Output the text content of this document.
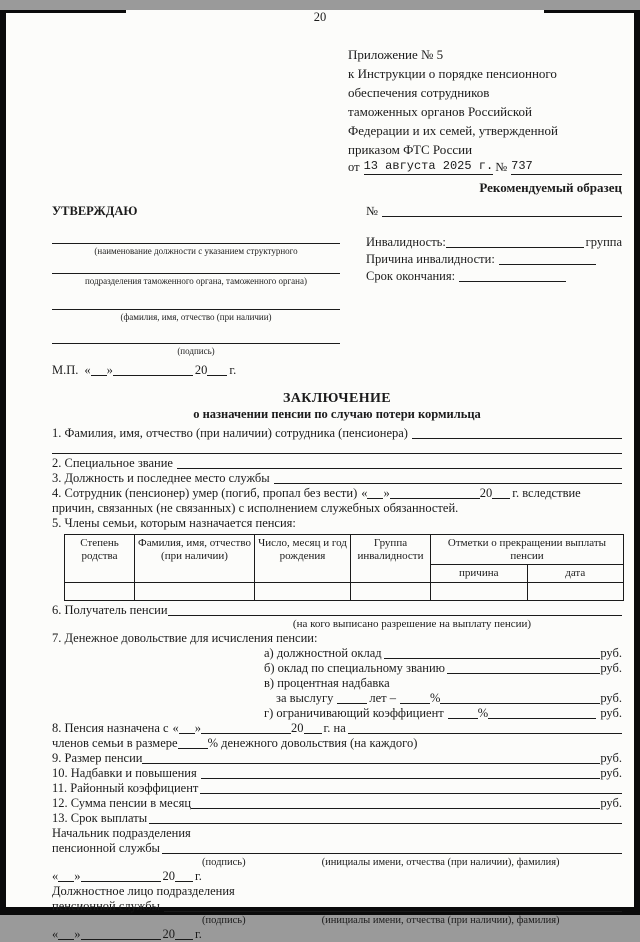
20
Приложение № 5
к Инструкции о порядке пенсионного
обеспечения сотрудников
таможенных органов Российской
Федерации и их семей, утвержденной
приказом ФТС России
от 13 августа 2025 г. № 737
Рекомендуемый образец
УТВЕРЖДАЮ
(наименование должности с указанием структурного
подразделения таможенного органа, таможенного органа)
(фамилия, имя, отчество (при наличии)
(подпись)
М.П. « »	20 г.
№
Инвалидность:	группа
Причина инвалидности:
Срок окончания:
ЗАКЛЮЧЕНИЕ
о назначении пенсии по случаю потери кормильца
1. Фамилия, имя, отчество (при наличии) сотрудника (пенсионера)
2. Специальное звание
3. Должность и последнее место службы
4. Сотрудник (пенсионер) умер (погиб, пропал без вести) « »	20 г. вследствие
причин, связанных (не связанных) с исполнением служебных обязанностей.
5. Члены семьи, которым назначается пенсия:
Степень родства	Фамилия, имя, отчество (при наличии)	Число, месяц и год рождения	Группа инвалидности	Отметки о прекращении выплаты пенсии	
				причина	дата

6. Получатель пенсии
(на кого выписано разрешение на выплату пенсии)
7. Денежное довольствие для исчисления пенсии:
а) должностной оклад	руб.
б) оклад по специальному званию	руб.
в) процентная надбавка
за выслугу	лет –	%	руб.
г) ограничивающий коэффициент	%	руб.
8. Пенсия назначена с « »	20 г. на
членов семьи в размере % денежного довольствия (на каждого)
9. Размер пенсии	руб.
10. Надбавки и повышения	руб.
11. Районный коэффициент
12. Сумма пенсии в месяц	руб.
13. Срок выплаты
Начальник подразделения
пенсионной службы
(подпись)	(инициалы имени, отчества (при наличии), фамилия)
« »	20 г.
Должностное лицо подразделения
пенсионной службы
(подпись)	(инициалы имени, отчества (при наличии), фамилия)
« »	20 г.
